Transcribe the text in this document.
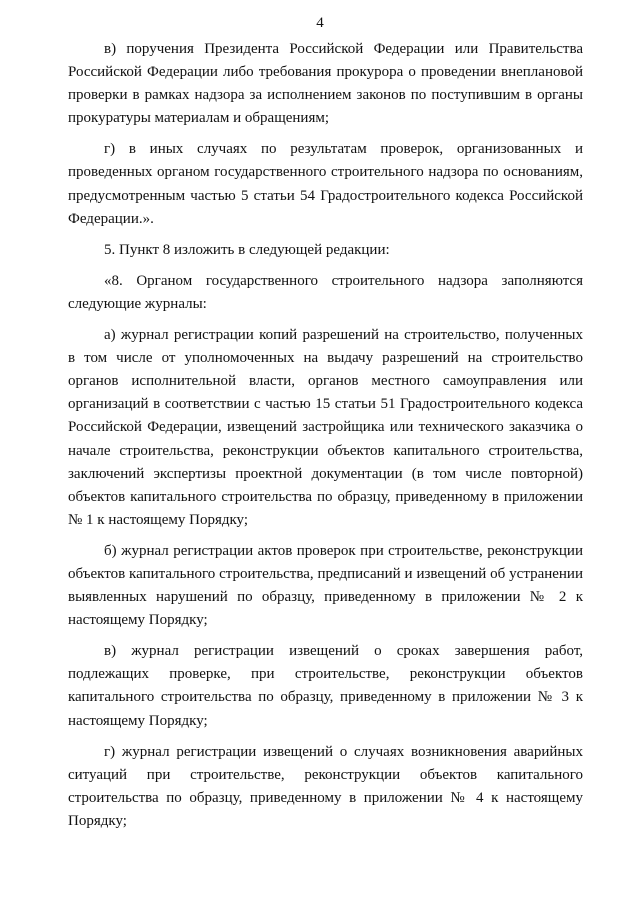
4

в) поручения Президента Российской Федерации или Правительства Российской Федерации либо требования прокурора о проведении внеплановой проверки в рамках надзора за исполнением законов по поступившим в органы прокуратуры материалам и обращениям;

г) в иных случаях по результатам проверок, организованных и проведенных органом государственного строительного надзора по основаниям, предусмотренным частью 5 статьи 54 Градостроительного кодекса Российской Федерации.».

5. Пункт 8 изложить в следующей редакции:

«8. Органом государственного строительного надзора заполняются следующие журналы:

а) журнал регистрации копий разрешений на строительство, полученных в том числе от уполномоченных на выдачу разрешений на строительство органов исполнительной власти, органов местного самоуправления или организаций в соответствии с частью 15 статьи 51 Градостроительного кодекса Российской Федерации, извещений застройщика или технического заказчика о начале строительства, реконструкции объектов капитального строительства, заключений экспертизы проектной документации (в том числе повторной) объектов капитального строительства по образцу, приведенному в приложении № 1 к настоящему Порядку;

б) журнал регистрации актов проверок при строительстве, реконструкции объектов капитального строительства, предписаний и извещений об устранении выявленных нарушений по образцу, приведенному в приложении № 2 к настоящему Порядку;

в) журнал регистрации извещений о сроках завершения работ, подлежащих проверке, при строительстве, реконструкции объектов капитального строительства по образцу, приведенному в приложении № 3 к настоящему Порядку;

г) журнал регистрации извещений о случаях возникновения аварийных ситуаций при строительстве, реконструкции объектов капитального строительства по образцу, приведенному в приложении № 4 к настоящему Порядку;
